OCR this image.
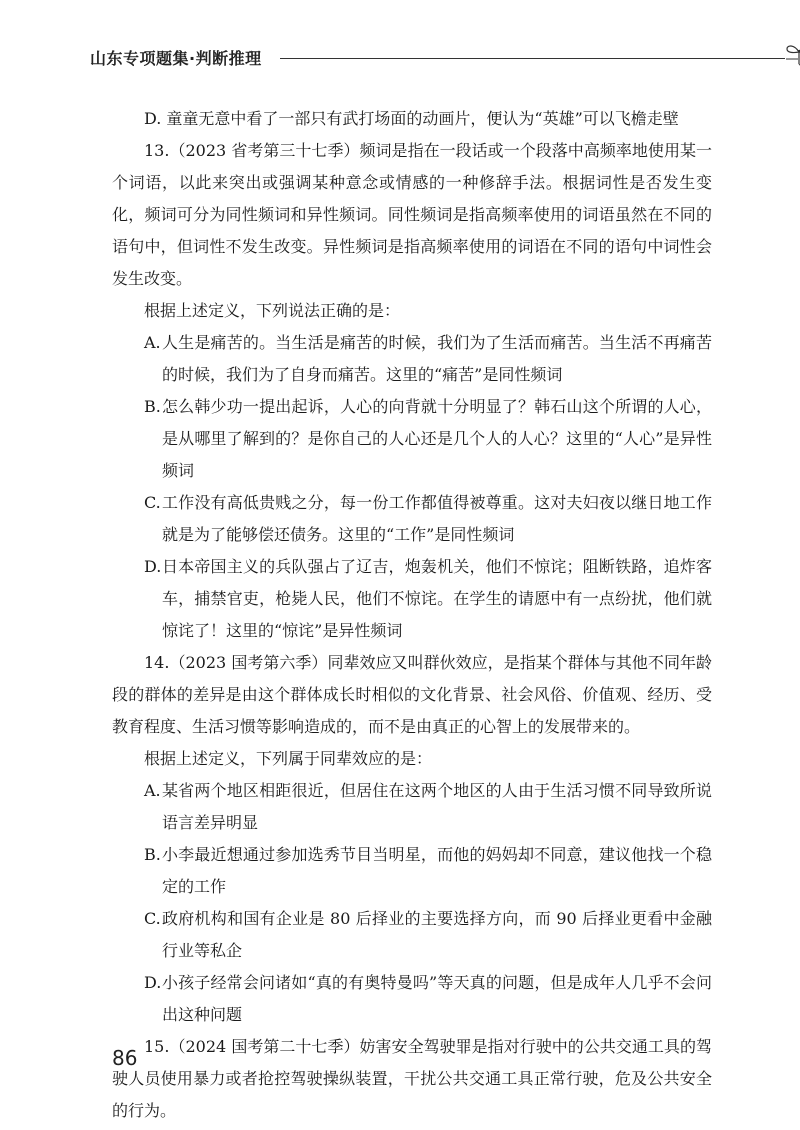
山东专项题集·判断推理

D. 童童无意中看了一部只有武打场面的动画片，便认为“英雄”可以飞檐走壁

13.（2023 省考第三十七季）频词是指在一段话或一个段落中高频率地使用某一个词语，以此来突出或强调某种意念或情感的一种修辞手法。根据词性是否发生变化，频词可分为同性频词和异性频词。同性频词是指高频率使用的词语虽然在不同的语句中，但词性不发生改变。异性频词是指高频率使用的词语在不同的语句中词性会发生改变。

根据上述定义，下列说法正确的是：

A. 人生是痛苦的。当生活是痛苦的时候，我们为了生活而痛苦。当生活不再痛苦的时候，我们为了自身而痛苦。这里的“痛苦”是同性频词
B. 怎么韩少功一提出起诉，人心的向背就十分明显了？韩石山这个所谓的人心，是从哪里了解到的？是你自己的人心还是几个人的人心？这里的“人心”是异性频词
C. 工作没有高低贵贱之分，每一份工作都值得被尊重。这对夫妇夜以继日地工作就是为了能够偿还债务。这里的“工作”是同性频词
D. 日本帝国主义的兵队强占了辽吉，炮轰机关，他们不惊诧；阻断铁路，追炸客车，捕禁官吏，枪毙人民，他们不惊诧。在学生的请愿中有一点纷扰，他们就惊诧了！这里的“惊诧”是异性频词

14.（2023 国考第六季）同辈效应又叫群伙效应，是指某个群体与其他不同年龄段的群体的差异是由这个群体成长时相似的文化背景、社会风俗、价值观、经历、受教育程度、生活习惯等影响造成的，而不是由真正的心智上的发展带来的。

根据上述定义，下列属于同辈效应的是：

A. 某省两个地区相距很近，但居住在这两个地区的人由于生活习惯不同导致所说语言差异明显
B. 小李最近想通过参加选秀节目当明星，而他的妈妈却不同意，建议他找一个稳定的工作
C. 政府机构和国有企业是 80 后择业的主要选择方向，而 90 后择业更看中金融行业等私企
D. 小孩子经常会问诸如“真的有奥特曼吗”等天真的问题，但是成年人几乎不会问出这种问题

15.（2024 国考第二十七季）妨害安全驾驶罪是指对行驶中的公共交通工具的驾驶人员使用暴力或者抢控驾驶操纵装置，干扰公共交通工具正常行驶，危及公共安全的行为。

86
